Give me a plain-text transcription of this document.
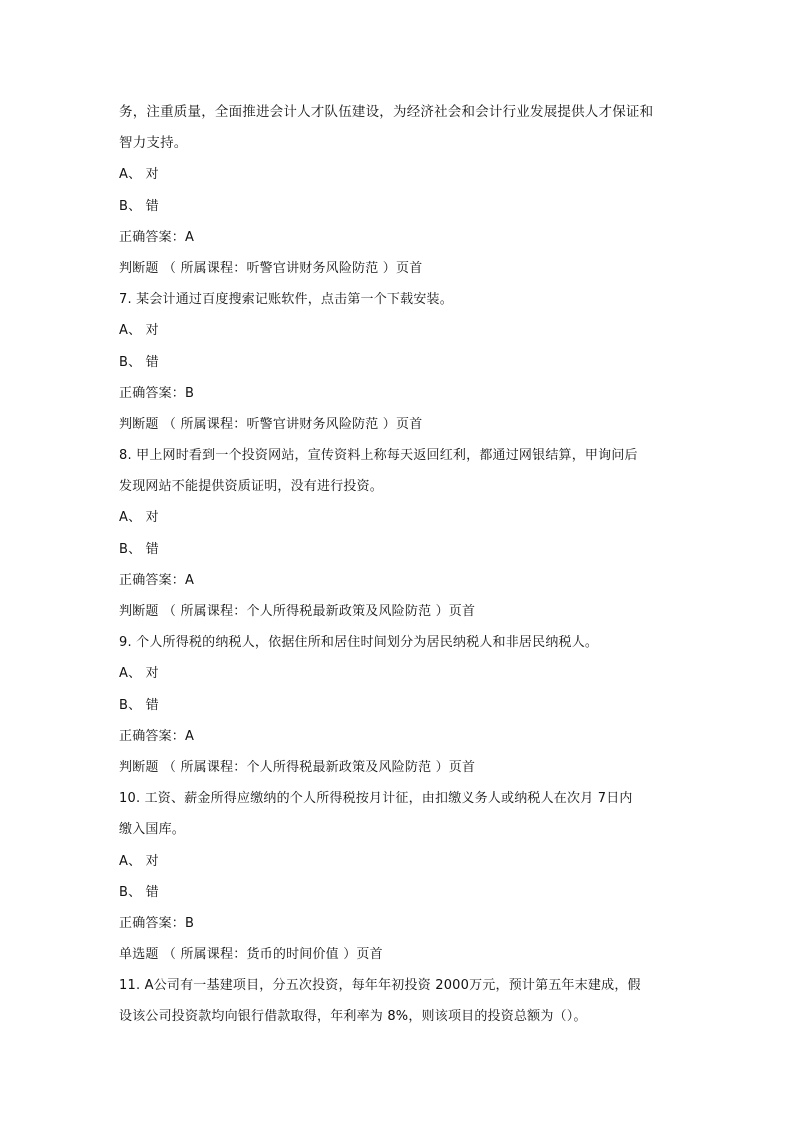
务，注重质量，全面推进会计人才队伍建设，为经济社会和会计行业发展提供人才保证和
智力支持。
A、 对
B、 错
正确答案：A
判断题 （ 所属课程：听警官讲财务风险防范 ）页首
7. 某会计通过百度搜索记账软件，点击第一个下载安装。
A、 对
B、 错
正确答案：B
判断题 （ 所属课程：听警官讲财务风险防范 ）页首
8. 甲上网时看到一个投资网站，宣传资料上称每天返回红利，都通过网银结算，甲询问后
发现网站不能提供资质证明，没有进行投资。
A、 对
B、 错
正确答案：A
判断题 （ 所属课程：个人所得税最新政策及风险防范 ）页首
9. 个人所得税的纳税人，依据住所和居住时间划分为居民纳税人和非居民纳税人。
A、 对
B、 错
正确答案：A
判断题 （ 所属课程：个人所得税最新政策及风险防范 ）页首
10. 工资、薪金所得应缴纳的个人所得税按月计征，由扣缴义务人或纳税人在次月 7日内
缴入国库。
A、 对
B、 错
正确答案：B
单选题 （ 所属课程：货币的时间价值 ）页首
11. A公司有一基建项目，分五次投资，每年年初投资 2000万元，预计第五年末建成，假
设该公司投资款均向银行借款取得，年利率为 8%，则该项目的投资总额为（）。
